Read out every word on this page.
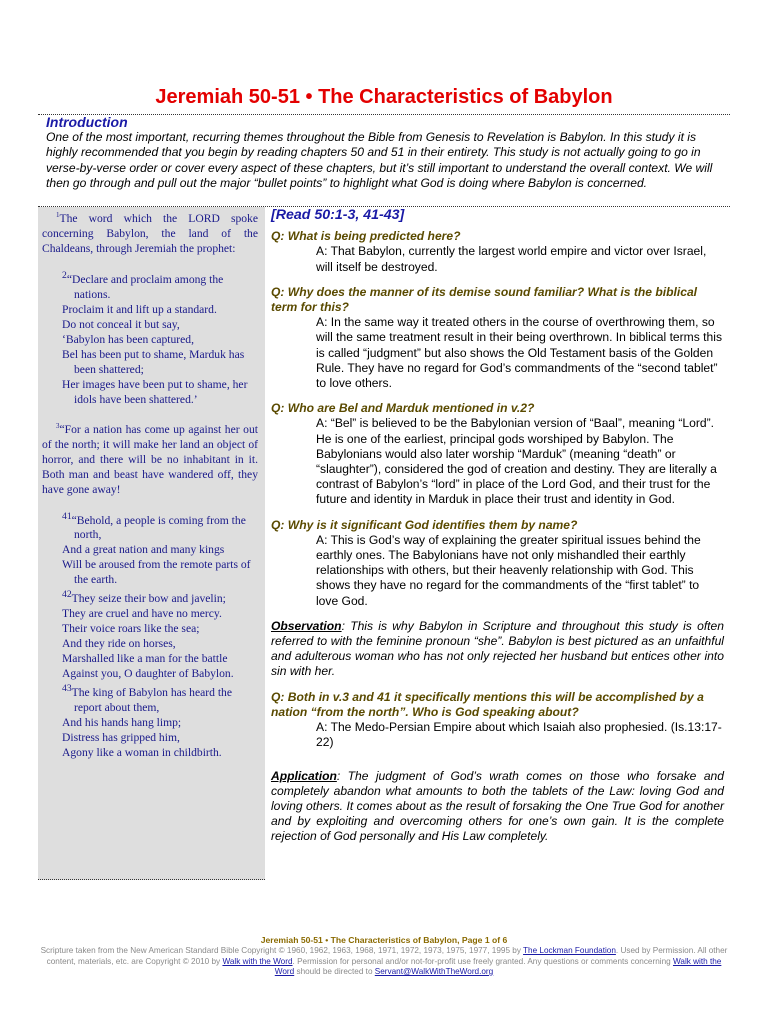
Jeremiah 50-51 • The Characteristics of Babylon

Introduction

One of the most important, recurring themes throughout the Bible from Genesis to Revelation is Babylon. In this study it is highly recommended that you begin by reading chapters 50 and 51 in their entirety. This study is not actually going to go in verse-by-verse order or cover every aspect of these chapters, but it’s still important to understand the overall context. We will then go through and pull out the major “bullet points” to highlight what God is doing where Babylon is concerned.

$^1$The word which the LORD spoke concerning Babylon, the land of the Chaldeans, through Jeremiah the prophet:

$^2$“Declare and proclaim among the nations.

Proclaim it and lift up a standard.

Do not conceal it but say,

‘Babylon has been captured,

Bel has been put to shame, Marduk has been shattered;

Her images have been put to shame, her idols have been shattered.’

$^3$“For a nation has come up against her out of the north; it will make her land an object of horror, and there will be no inhabitant in it. Both man and beast have wandered off, they have gone away!

$^{41}$“Behold, a people is coming from the north,

And a great nation and many kings

Will be aroused from the remote parts of the earth.

$^{42}$They seize their bow and javelin;

They are cruel and have no mercy.

Their voice roars like the sea;

And they ride on horses,

Marshalled like a man for the battle

Against you, O daughter of Babylon.

$^{43}$The king of Babylon has heard the report about them,

And his hands hang limp;

Distress has gripped him,

Agony like a woman in childbirth.

[Read 50:1-3, 41-43]

Q: What is being predicted here?

A: That Babylon, currently the largest world empire and victor over Israel, will itself be destroyed.

Q: Why does the manner of its demise sound familiar? What is the biblical term for this?

A: In the same way it treated others in the course of overthrowing them, so will the same treatment result in their being overthrown. In biblical terms this is called “judgment” but also shows the Old Testament basis of the Golden Rule. They have no regard for God’s commandments of the “second tablet” to love others.

Q: Who are Bel and Marduk mentioned in v.2?

A: “Bel” is believed to be the Babylonian version of “Baal”, meaning “Lord”. He is one of the earliest, principal gods worshiped by Babylon. The Babylonians would also later worship “Marduk” (meaning “death” or “slaughter”), considered the god of creation and destiny. They are literally a contrast of Babylon’s “lord” in place of the Lord God, and their trust for the future and identity in Marduk in place their trust and identity in God.

Q: Why is it significant God identifies them by name?

A: This is God’s way of explaining the greater spiritual issues behind the earthly ones. The Babylonians have not only mishandled their earthly relationships with others, but their heavenly relationship with God. This shows they have no regard for the commandments of the “first tablet” to love God.

Observation: This is why Babylon in Scripture and throughout this study is often referred to with the feminine pronoun “she”. Babylon is best pictured as an unfaithful and adulterous woman who has not only rejected her husband but entices other into sin with her.

Q: Both in v.3 and 41 it specifically mentions this will be accomplished by a nation “from the north”. Who is God speaking about?

A: The Medo-Persian Empire about which Isaiah also prophesied. (Is.13:17-22)

Application: The judgment of God’s wrath comes on those who forsake and completely abandon what amounts to both the tablets of the Law: loving God and loving others. It comes about as the result of forsaking the One True God for another and by exploiting and overcoming others for one’s own gain. It is the complete rejection of God personally and His Law completely.

Jeremiah 50-51 • The Characteristics of Babylon, Page 1 of 6
Scripture taken from the New American Standard Bible Copyright © 1960, 1962, 1963, 1968, 1971, 1972, 1973, 1975, 1977, 1995 by The Lockman Foundation. Used by Permission. All other content, materials, etc. are Copyright © 2010 by Walk with the Word. Permission for personal and/or not-for-profit use freely granted. Any questions or comments concerning Walk with the Word should be directed to Servant@WalkWithTheWord.org
